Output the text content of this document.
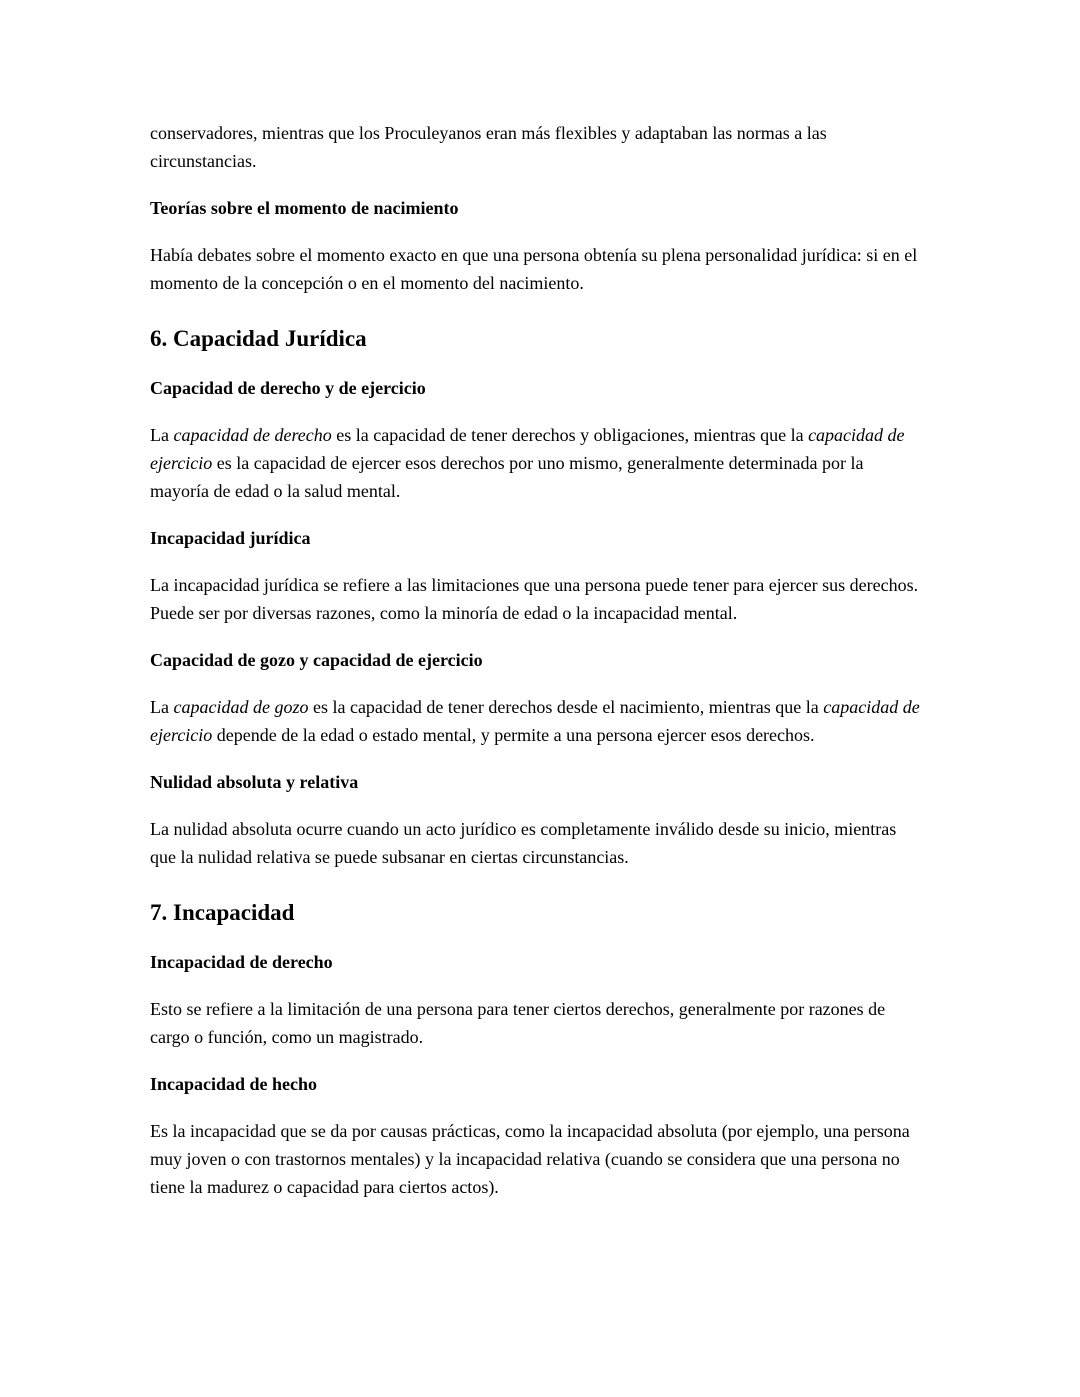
conservadores, mientras que los Proculeyanos eran más flexibles y adaptaban las normas a las circunstancias.

Teorías sobre el momento de nacimiento

Había debates sobre el momento exacto en que una persona obtenía su plena personalidad jurídica: si en el momento de la concepción o en el momento del nacimiento.

6. Capacidad Jurídica
Capacidad de derecho y de ejercicio

La capacidad de derecho es la capacidad de tener derechos y obligaciones, mientras que la capacidad de ejercicio es la capacidad de ejercer esos derechos por uno mismo, generalmente determinada por la mayoría de edad o la salud mental.

Incapacidad jurídica

La incapacidad jurídica se refiere a las limitaciones que una persona puede tener para ejercer sus derechos. Puede ser por diversas razones, como la minoría de edad o la incapacidad mental.

Capacidad de gozo y capacidad de ejercicio

La capacidad de gozo es la capacidad de tener derechos desde el nacimiento, mientras que la capacidad de ejercicio depende de la edad o estado mental, y permite a una persona ejercer esos derechos.

Nulidad absoluta y relativa

La nulidad absoluta ocurre cuando un acto jurídico es completamente inválido desde su inicio, mientras que la nulidad relativa se puede subsanar en ciertas circunstancias.

7. Incapacidad
Incapacidad de derecho

Esto se refiere a la limitación de una persona para tener ciertos derechos, generalmente por razones de cargo o función, como un magistrado.

Incapacidad de hecho

Es la incapacidad que se da por causas prácticas, como la incapacidad absoluta (por ejemplo, una persona muy joven o con trastornos mentales) y la incapacidad relativa (cuando se considera que una persona no tiene la madurez o capacidad para ciertos actos).
